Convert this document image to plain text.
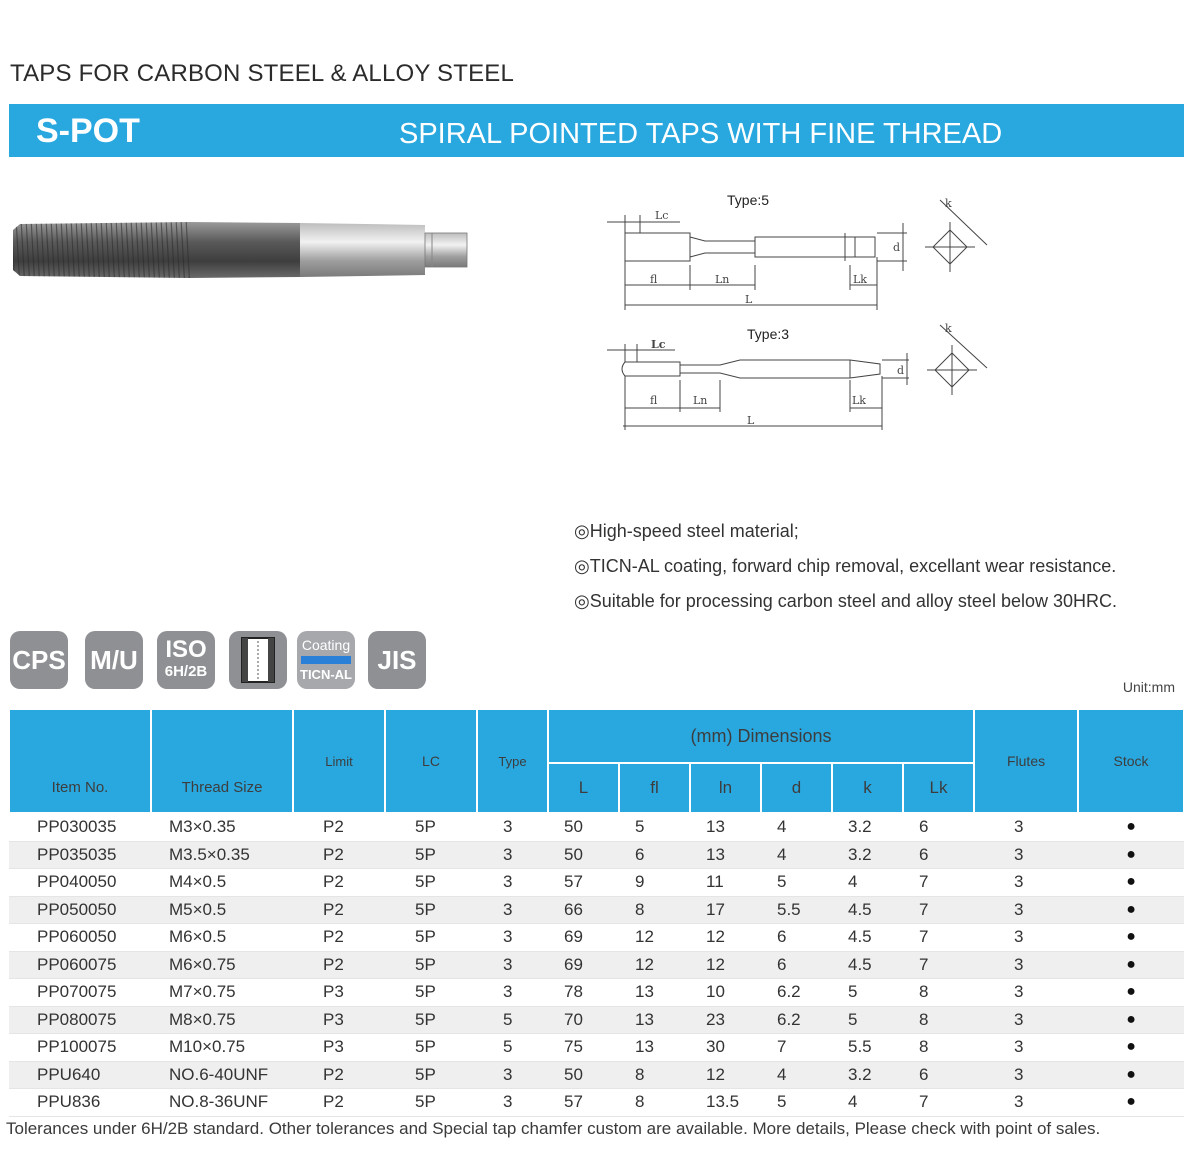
TAPS FOR CARBON STEEL & ALLOY STEEL
S-POT	SPIRAL POINTED TAPS WITH FINE THREAD
Type:5
Lc
fl	Ln	Lk
L
d
k
Type:3
Lc
fl	Ln	Lk
L
d
k
◎High-speed steel material;
◎TICN-AL coating, forward chip removal, excellant wear resistance.
◎Suitable for processing carbon steel and alloy steel below 30HRC.
CPS M/U	ISO
6H/2B
Coating
TICN-AL JIS
Unit:mm
Item No.	Thread Size	Limit	LC	Type	(mm) Dimensions						Flutes	Stock
					L	fl	ln	d	k	Lk		
PP030035	M3×0.35	P2	5P	3	50	5	13	4	3.2	6	3	●
PP035035	M3.5×0.35	P2	5P	3	50	6	13	4	3.2	6	3	●
PP040050	M4×0.5	P2	5P	3	57	9	11	5	4	7	3	●
PP050050	M5×0.5	P2	5P	3	66	8	17	5.5	4.5	7	3	●
PP060050	M6×0.5	P2	5P	3	69	12	12	6	4.5	7	3	●
PP060075	M6×0.75	P2	5P	3	69	12	12	6	4.5	7	3	●
PP070075	M7×0.75	P3	5P	3	78	13	10	6.2	5	8	3	●
PP080075	M8×0.75	P3	5P	5	70	13	23	6.2	5	8	3	●
PP100075	M10×0.75	P3	5P	5	75	13	30	7	5.5	8	3	●
PPU640	NO.6-40UNF	P2	5P	3	50	8	12	4	3.2	6	3	●
PPU836	NO.8-36UNF	P2	5P	3	57	8	13.5	5	4	7	3	●
Tolerances under 6H/2B standard. Other tolerances and Special tap chamfer custom are available. More details, Please check with point of sales.
